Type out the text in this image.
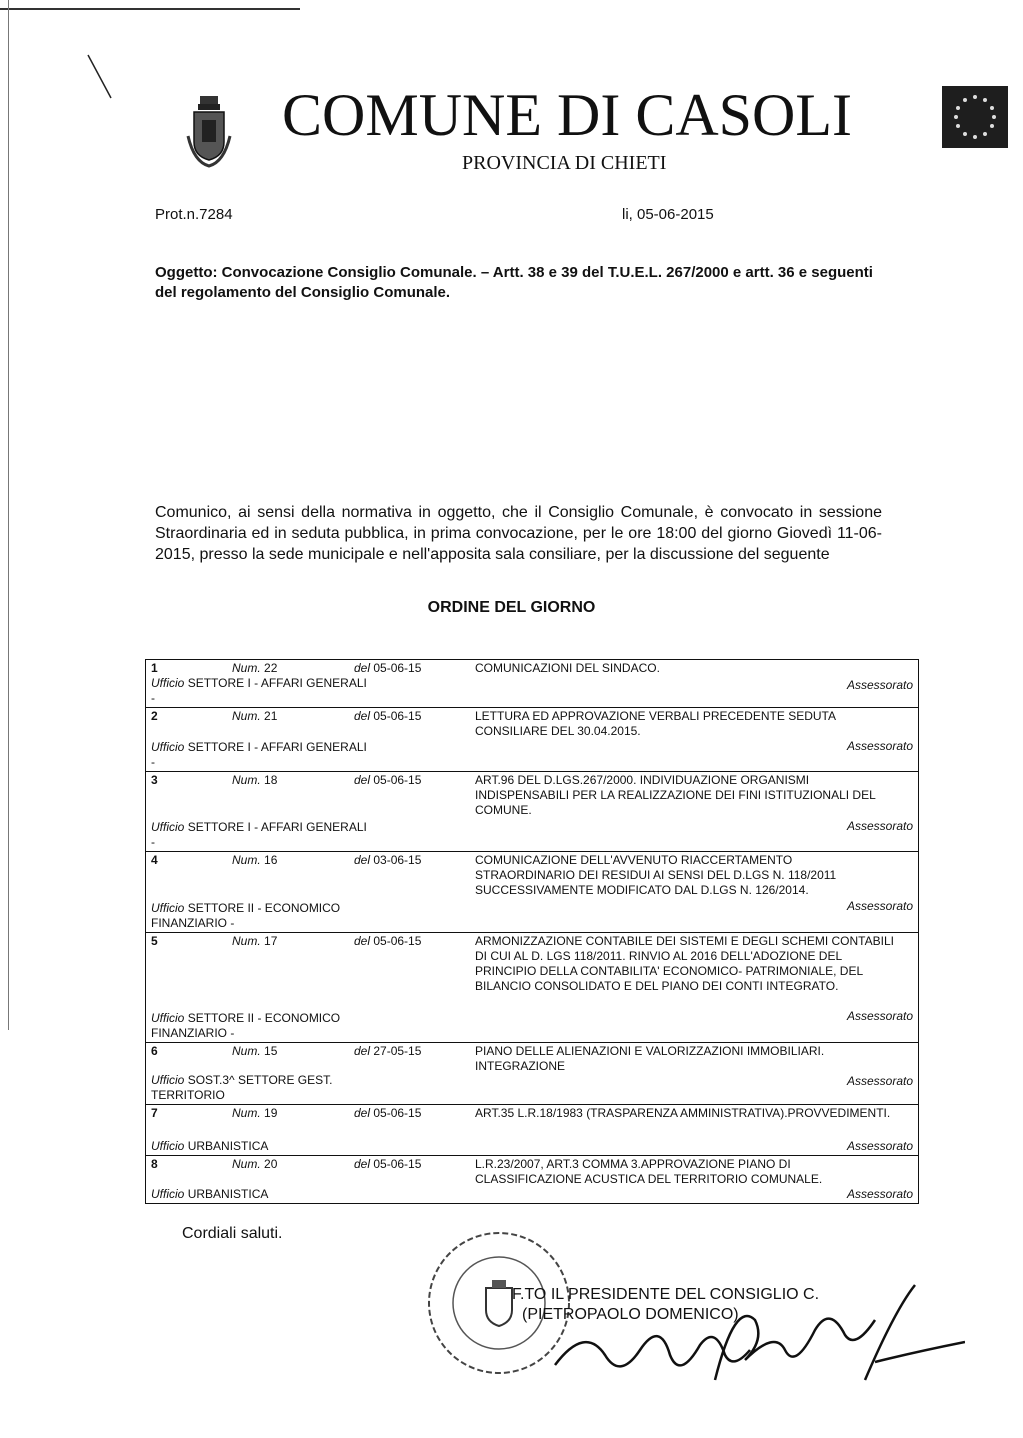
COMUNE DI CASOLI
PROVINCIA DI CHIETI
Prot.n.7284	li, 05-06-2015
Oggetto: Convocazione Consiglio Comunale. – Artt. 38 e 39 del T.U.E.L. 267/2000 e artt. 36 e seguenti del regolamento del Consiglio Comunale.
Comunico, ai sensi della normativa in oggetto, che il Consiglio Comunale, è convocato in sessione Straordinaria ed in seduta pubblica, in prima convocazione, per le ore 18:00 del giorno Giovedì 11-06-2015, presso la sede municipale e nell'apposita sala consiliare, per la discussione del seguente
ORDINE DEL GIORNO
1	Num. 22	del 05-06-15	COMUNICAZIONI DEL SINDACO.
Ufficio SETTORE I - AFFARI GENERALI -
Assessorato
2	Num. 21	del 05-06-15	LETTURA ED APPROVAZIONE VERBALI PRECEDENTE SEDUTA CONSILIARE DEL 30.04.2015.
Ufficio SETTORE I - AFFARI GENERALI -
Assessorato
3	Num. 18	del 05-06-15	ART.96 DEL D.LGS.267/2000. INDIVIDUAZIONE ORGANISMI INDISPENSABILI PER LA REALIZZAZIONE DEI FINI ISTITUZIONALI DEL COMUNE.
Ufficio SETTORE I - AFFARI GENERALI -
Assessorato
4	Num. 16	del 03-06-15	COMUNICAZIONE DELL'AVVENUTO RIACCERTAMENTO STRAORDINARIO DEI RESIDUI AI SENSI DEL D.LGS N. 118/2011 SUCCESSIVAMENTE MODIFICATO DAL D.LGS N. 126/2014.
Ufficio SETTORE II - ECONOMICO FINANZIARIO -
Assessorato
5	Num. 17	del 05-06-15	ARMONIZZAZIONE CONTABILE DEI SISTEMI E DEGLI SCHEMI CONTABILI DI CUI AL D. LGS 118/2011. RINVIO AL 2016 DELL'ADOZIONE DEL PRINCIPIO DELLA CONTABILITA' ECONOMICO- PATRIMONIALE, DEL BILANCIO CONSOLIDATO E DEL PIANO DEI CONTI INTEGRATO.
Ufficio SETTORE II - ECONOMICO FINANZIARIO -
Assessorato
6	Num. 15	del 27-05-15	PIANO DELLE ALIENAZIONI E VALORIZZAZIONI IMMOBILIARI. INTEGRAZIONE
Ufficio SOST.3^ SETTORE GEST. TERRITORIO
Assessorato
7	Num. 19	del 05-06-15	ART.35 L.R.18/1983 (TRASPARENZA AMMINISTRATIVA).PROVVEDIMENTI.
Ufficio URBANISTICA	Assessorato
8	Num. 20	del 05-06-15	L.R.23/2007, ART.3 COMMA 3.APPROVAZIONE PIANO DI CLASSIFICAZIONE ACUSTICA DEL TERRITORIO COMUNALE.
Ufficio URBANISTICA	Assessorato
Cordiali saluti.
F.TO IL PRESIDENTE DEL CONSIGLIO C.
(PIETROPAOLO DOMENICO)
